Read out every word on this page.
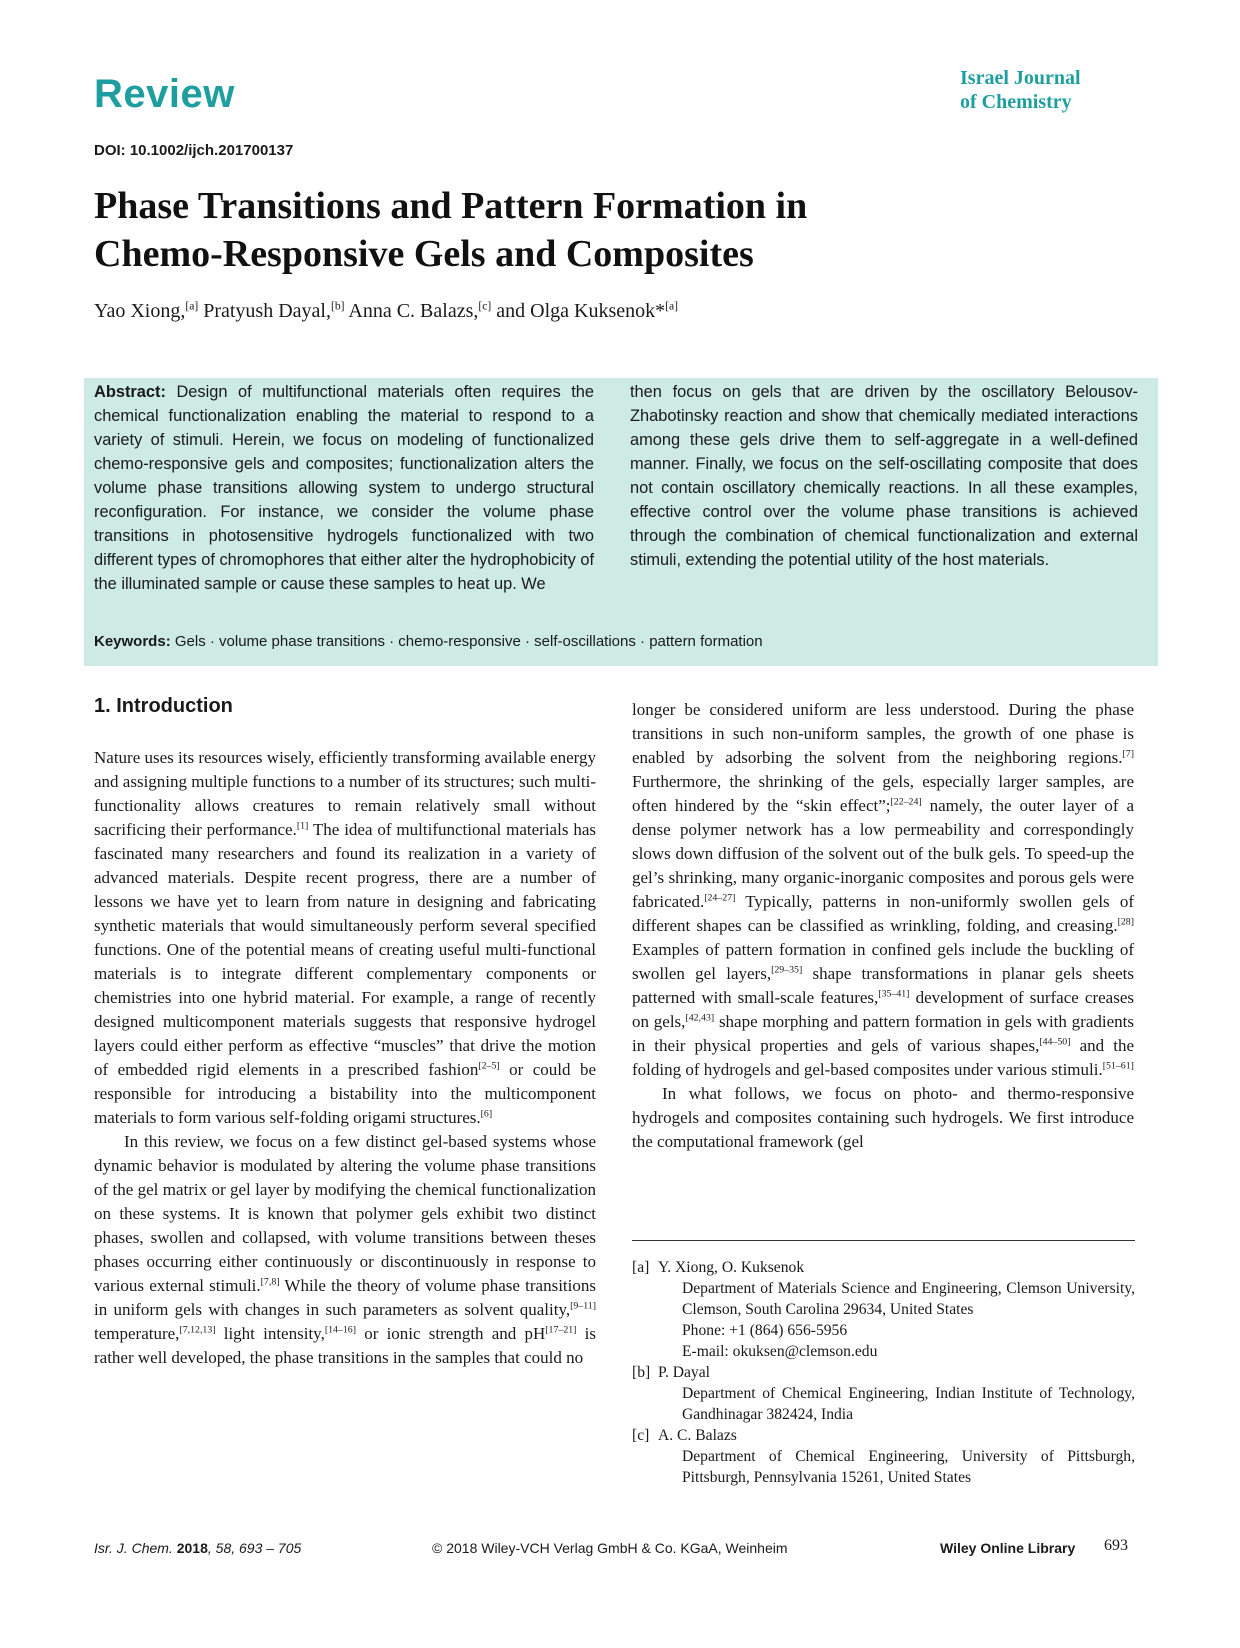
Review	Israel Journal
of Chemistry
DOI: 10.1002/ijch.201700137
Phase Transitions and Pattern Formation in
Chemo-Responsive Gels and Composites
Yao Xiong,[a] Pratyush Dayal,[b] Anna C. Balazs,[c] and Olga Kuksenok*[a]
Abstract: Design of multifunctional materials often requires the chemical functionalization enabling the material to respond to a variety of stimuli. Herein, we focus on modeling of functionalized chemo-responsive gels and composites; functionalization alters the volume phase transitions allowing system to undergo structural reconfiguration. For instance, we consider the volume phase transitions in photosensitive hydrogels functionalized with two different types of chromophores that either alter the hydrophobicity of the illuminated sample or cause these samples to heat up. We
then focus on gels that are driven by the oscillatory Belousov-Zhabotinsky reaction and show that chemically mediated interactions among these gels drive them to self-aggregate in a well-defined manner. Finally, we focus on the self-oscillating composite that does not contain oscillatory chemically reactions. In all these examples, effective control over the volume phase transitions is achieved through the combination of chemical functionalization and external stimuli, extending the potential utility of the host materials.
Keywords: Gels · volume phase transitions · chemo-responsive · self-oscillations · pattern formation
1. Introduction

Nature uses its resources wisely, efficiently transforming available energy and assigning multiple functions to a number of its structures; such multi-functionality allows creatures to remain relatively small without sacrificing their performance.[1] The idea of multifunctional materials has fascinated many researchers and found its realization in a variety of advanced materials. Despite recent progress, there are a number of lessons we have yet to learn from nature in designing and fabricating synthetic materials that would simultaneously perform several specified functions. One of the potential means of creating useful multi-functional materials is to integrate different complementary components or chemistries into one hybrid material. For example, a range of recently designed multicomponent materials suggests that responsive hydrogel layers could either perform as effective “muscles” that drive the motion of embedded rigid elements in a prescribed fashion[2–5] or could be responsible for introducing a bistability into the multicomponent materials to form various self-folding origami structures.[6]

In this review, we focus on a few distinct gel-based systems whose dynamic behavior is modulated by altering the volume phase transitions of the gel matrix or gel layer by modifying the chemical functionalization on these systems. It is known that polymer gels exhibit two distinct phases, swollen and collapsed, with volume transitions between theses phases occurring either continuously or discontinuously in response to various external stimuli.[7,8] While the theory of volume phase transitions in uniform gels with changes in such parameters as solvent quality,[9–11] temperature,[7,12,13] light intensity,[14–16] or ionic strength and pH[17–21] is rather well developed, the phase transitions in the samples that could no

longer be considered uniform are less understood. During the phase transitions in such non-uniform samples, the growth of one phase is enabled by adsorbing the solvent from the neighboring regions.[7] Furthermore, the shrinking of the gels, especially larger samples, are often hindered by the “skin effect”;[22–24] namely, the outer layer of a dense polymer network has a low permeability and correspondingly slows down diffusion of the solvent out of the bulk gels. To speed-up the gel’s shrinking, many organic-inorganic composites and porous gels were fabricated.[24–27] Typically, patterns in non-uniformly swollen gels of different shapes can be classified as wrinkling, folding, and creasing.[28] Examples of pattern formation in confined gels include the buckling of swollen gel layers,[29–35] shape transformations in planar gels sheets patterned with small-scale features,[35–41] development of surface creases on gels,[42,43] shape morphing and pattern formation in gels with gradients in their physical properties and gels of various shapes,[44–50] and the folding of hydrogels and gel-based composites under various stimuli.[51–61]

In what follows, we focus on photo- and thermo-responsive hydrogels and composites containing such hydrogels. We first introduce the computational framework (gel

[a] Y. Xiong, O. Kuksenok
Department of Materials Science and Engineering, Clemson University, Clemson, South Carolina 29634, United States
Phone: +1 (864) 656-5956
E-mail: okuksen@clemson.edu
[b] P. Dayal
Department of Chemical Engineering, Indian Institute of Technology, Gandhinagar 382424, India
[c] A. C. Balazs
Department of Chemical Engineering, University of Pittsburgh, Pittsburgh, Pennsylvania 15261, United States
Isr. J. Chem. 2018, 58, 693 – 705	© 2018 Wiley-VCH Verlag GmbH & Co. KGaA, Weinheim	Wiley Online Library 693
